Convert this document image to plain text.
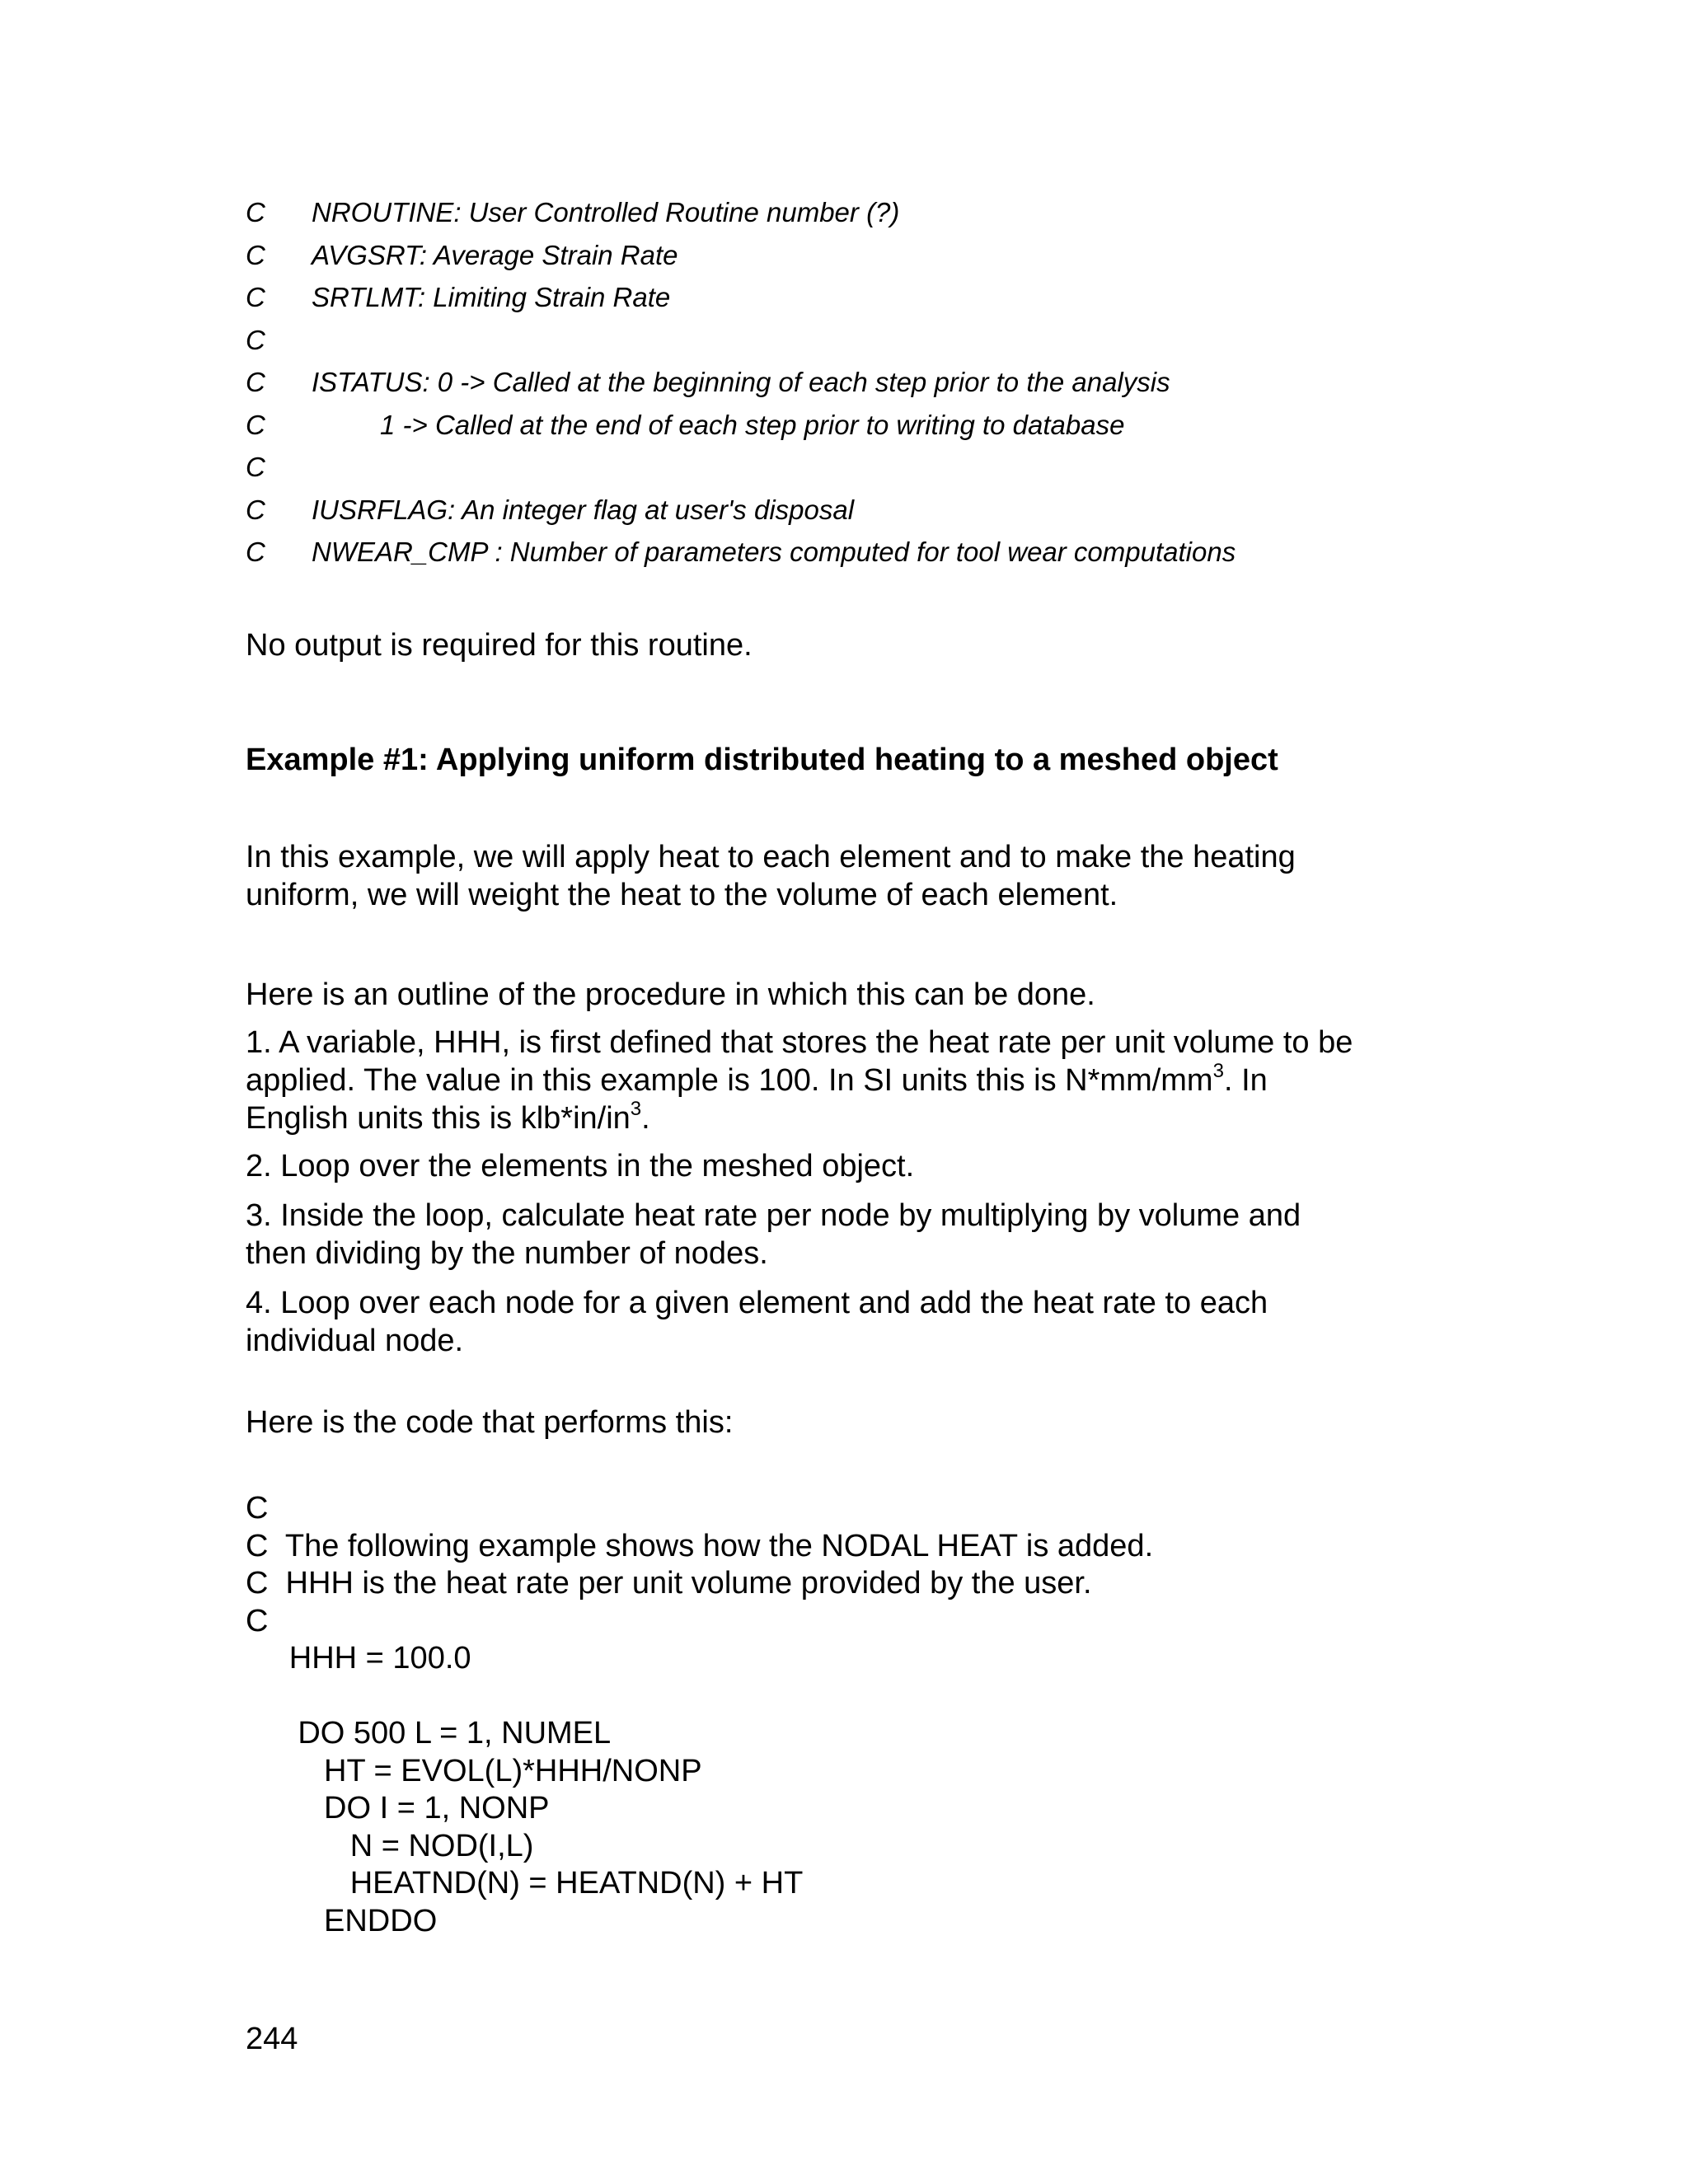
C

NROUTINE: User Controlled Routine number (?)

C

AVGSRT: Average Strain Rate

C

SRTLMT: Limiting Strain Rate

C

C

ISTATUS: 0 -> Called at the beginning of each step prior to the analysis

C

	1 -> Called at the end of each step prior to writing to database

C

C

IUSRFLAG: An integer flag at user's disposal

C

NWEAR_CMP : Number of parameters computed for tool wear computations

No output is required for this routine.

Example #1: Applying uniform distributed heating to a meshed object
In this example, we will apply heat to each element and to make the heating
uniform, we will weight the heat to the volume of each element.

Here is an outline of the procedure in which this can be done.

1. A variable, HHH, is first defined that stores the heat rate per unit volume to be
applied. The value in this example is 100. In SI units this is $N*mm/mm^3$. In
English units this is $klb*in/in^3$.

2. Loop over the elements in the meshed object.

3. Inside the loop, calculate heat rate per node by multiplying by volume and
then dividing by the number of nodes.
4. Loop over each node for a given element and add the heat rate to each
individual node.

Here is the code that performs this:

C
C  The following example shows how the NODAL HEAT is added.
C  HHH is the heat rate per unit volume provided by the user.
C
HHH = 100.0
DO 500 L = 1, NUMEL
HT = EVOL(L)*HHH/NONP
DO I = 1, NONP
N = NOD(I,L)
HEATND(N) = HEATND(N) + HT
ENDDO
244
